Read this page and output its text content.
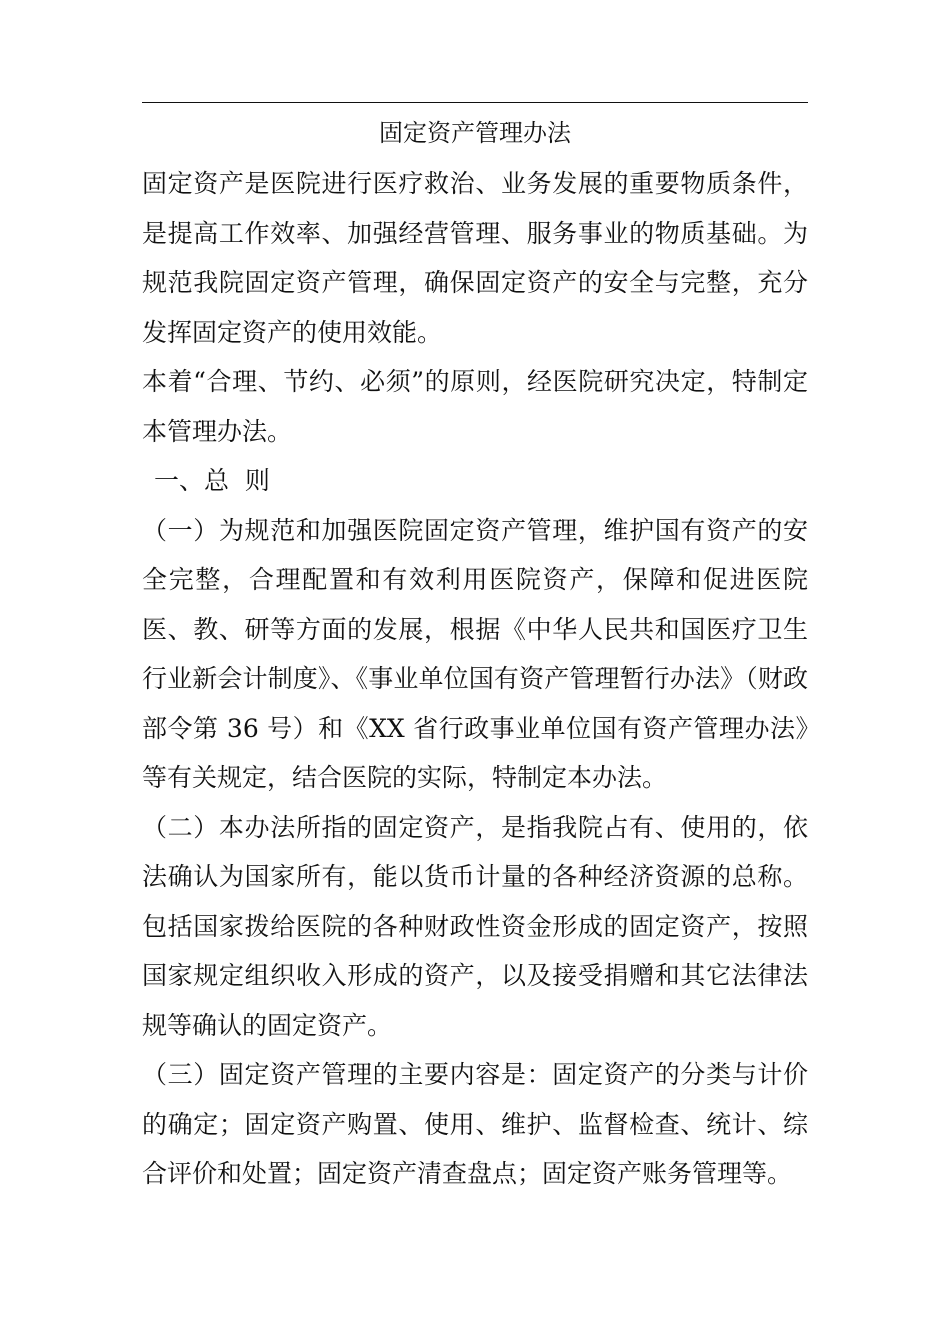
固定资产管理办法

固定资产是医院进行医疗救治、业务发展的重要物质条件，是提高工作效率、加强经营管理、服务事业的物质基础。为规范我院固定资产管理，确保固定资产的安全与完整，充分发挥固定资产的使用效能。

本着“合理、节约、必须”的原则，经医院研究决定，特制定本管理办法。

一、总  则

（一）为规范和加强医院固定资产管理，维护国有资产的安全完整，合理配置和有效利用医院资产，保障和促进医院医、教、研等方面的发展，根据《中华人民共和国医疗卫生行业新会计制度》、《事业单位国有资产管理暂行办法》（财政部令第 36 号）和《XX 省行政事业单位国有资产管理办法》等有关规定，结合医院的实际，特制定本办法。

（二）本办法所指的固定资产，是指我院占有、使用的，依法确认为国家所有，能以货币计量的各种经济资源的总称。包括国家拨给医院的各种财政性资金形成的固定资产，按照国家规定组织收入形成的资产，以及接受捐赠和其它法律法规等确认的固定资产。

（三）固定资产管理的主要内容是：固定资产的分类与计价的确定；固定资产购置、使用、维护、监督检查、统计、综合评价和处置；固定资产清查盘点；固定资产账务管理等。
